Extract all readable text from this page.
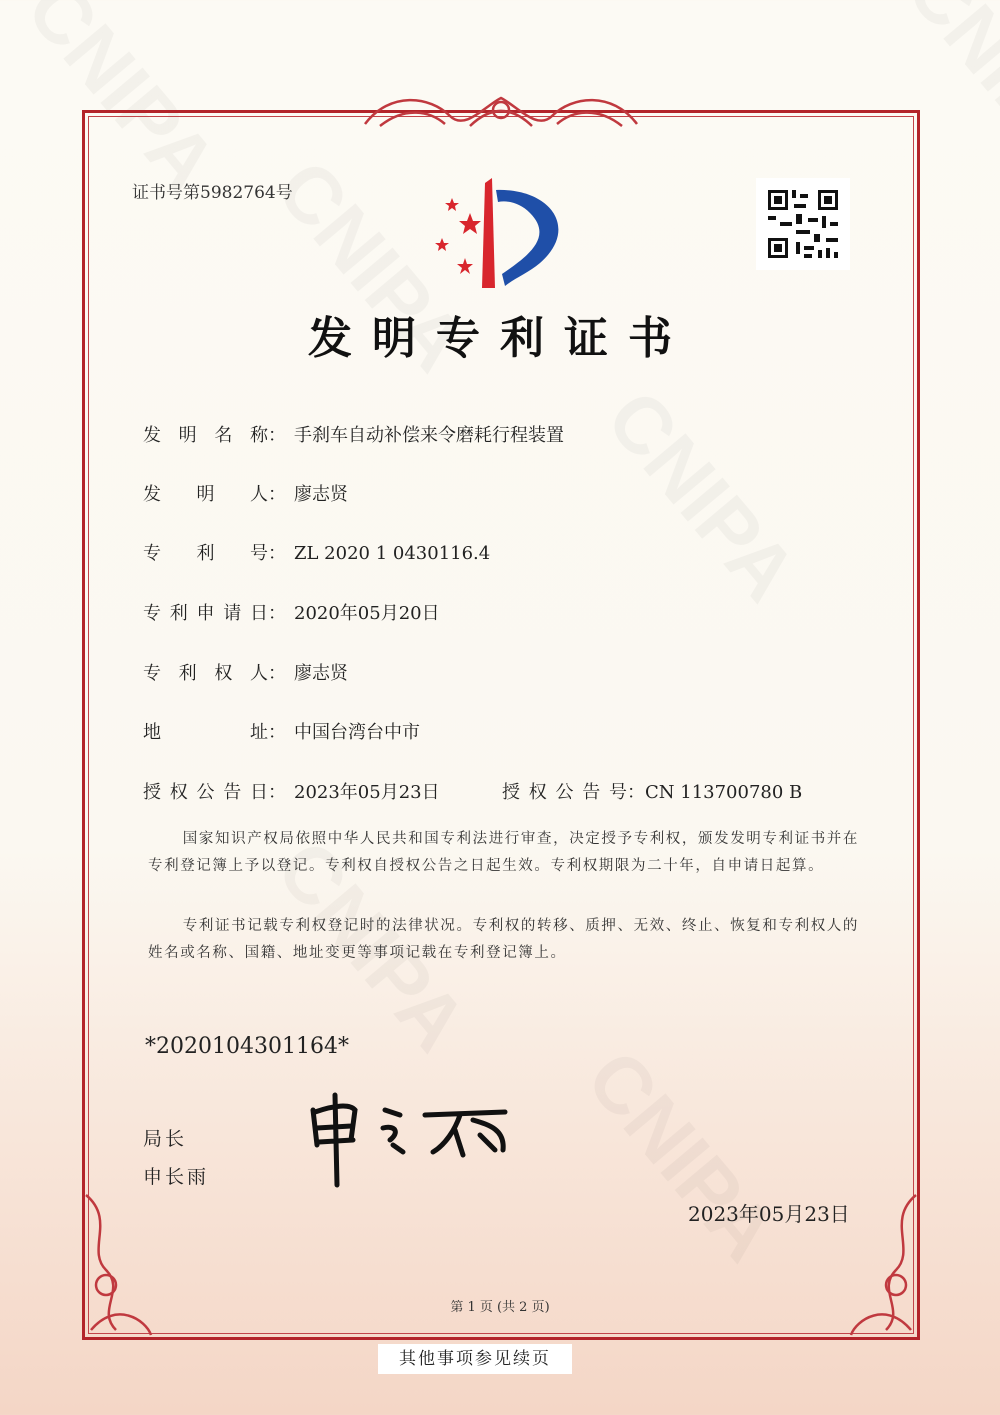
证书号第5982764号
发明专利证书
发明名称： 手刹车自动补偿来令磨耗行程装置
发明人： 廖志贤
专利号： ZL 2020 1 0430116.4
专利申请日： 2020年05月20日
专利权人： 廖志贤
地址： 中国台湾台中市
授权公告日： 2023年05月23日	授权公告号：CN 113700780 B
国家知识产权局依照中华人民共和国专利法进行审查，决定授予专利权，颁发发明专利证书并在专利登记簿上予以登记。专利权自授权公告之日起生效。专利权期限为二十年，自申请日起算。
专利证书记载专利权登记时的法律状况。专利权的转移、质押、无效、终止、恢复和专利权人的姓名或名称、国籍、地址变更等事项记载在专利登记簿上。
*2020104301164*
局长
申长雨
2023年05月23日
第 1 页 (共 2 页)
其他事项参见续页
